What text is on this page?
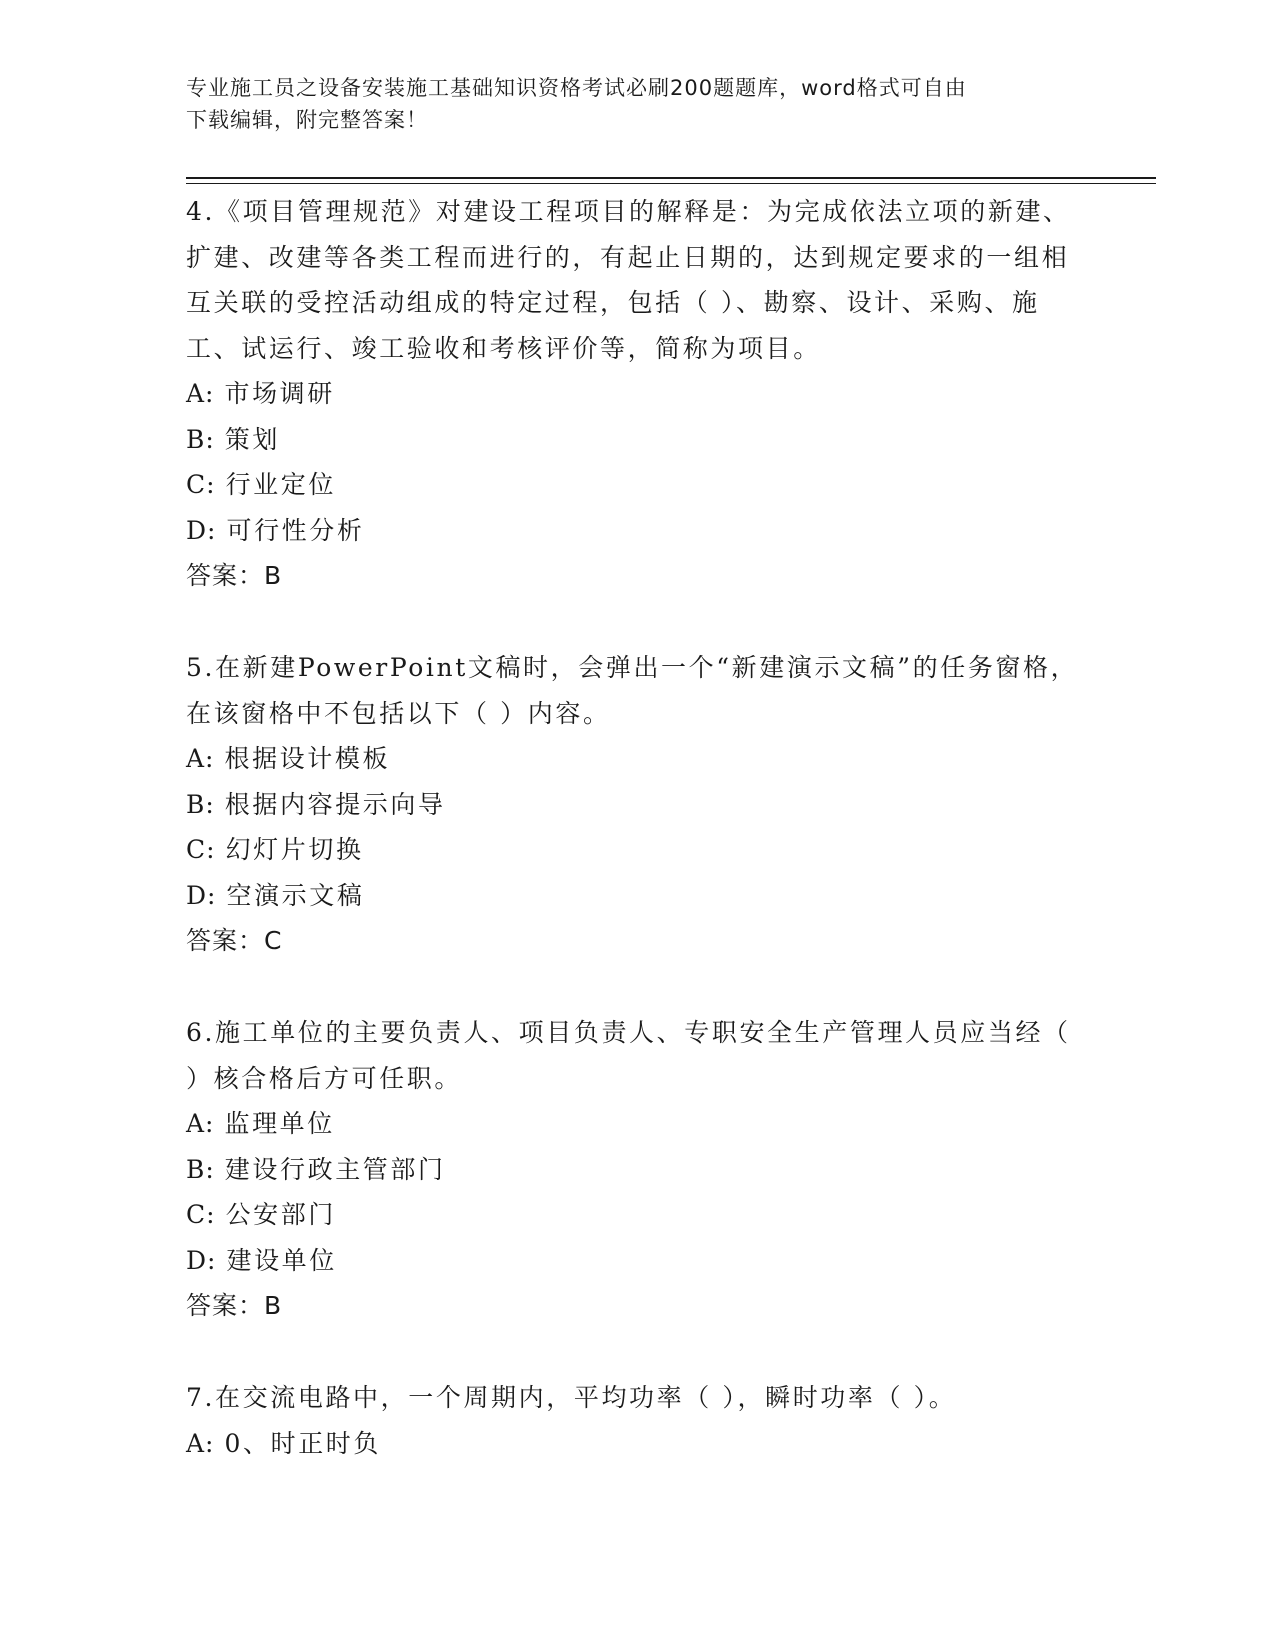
专业施工员之设备安装施工基础知识资格考试必刷200题题库，word格式可自由
下载编辑，附完整答案！

4.《项目管理规范》对建设工程项目的解释是：为完成依法立项的新建、扩建、改建等各类工程而进行的，有起止日期的，达到规定要求的一组相互关联的受控活动组成的特定过程，包括（ ）、勘察、设计、采购、施工、试运行、竣工验收和考核评价等，简称为项目。

A: 市场调研

B: 策划

C: 行业定位

D: 可行性分析

答案：B

5.在新建PowerPoint文稿时，会弹出一个“新建演示文稿”的任务窗格，在该窗格中不包括以下（ ）内容。

A: 根据设计模板

B: 根据内容提示向导

C: 幻灯片切换

D: 空演示文稿

答案：C

6.施工单位的主要负责人、项目负责人、专职安全生产管理人员应当经（ ）核合格后方可任职。

A: 监理单位

B: 建设行政主管部门

C: 公安部门

D: 建设单位

答案：B

7.在交流电路中，一个周期内，平均功率（ ），瞬时功率（ ）。

A: 0、时正时负
